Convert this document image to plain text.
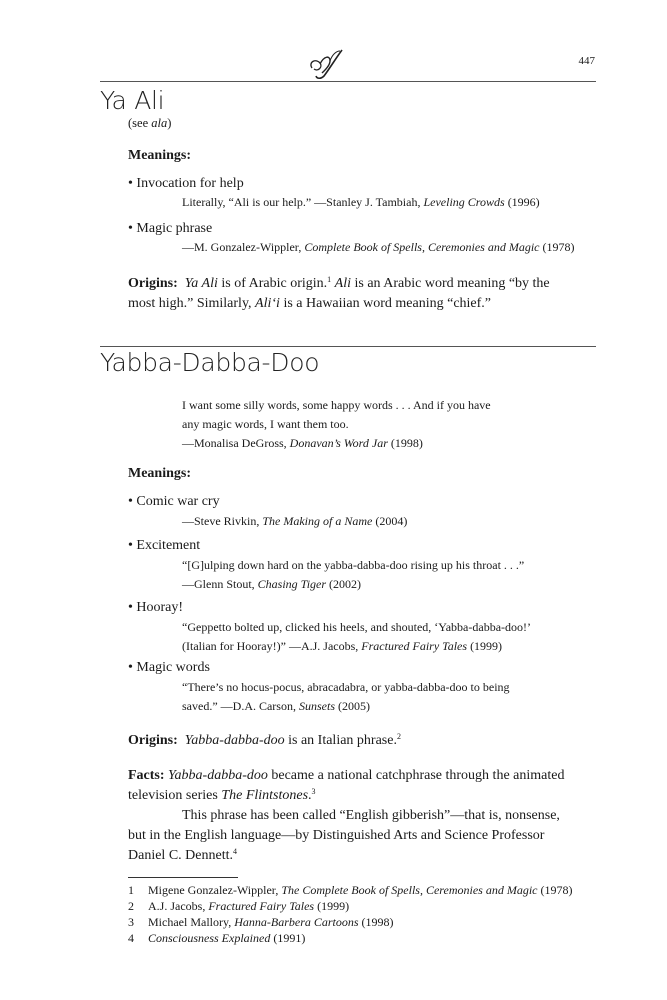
447
Ya Ali
(see ala)
Meanings:
• Invocation for help
Literally, “Ali is our help.” —Stanley J. Tambiah, Leveling Crowds (1996)
• Magic phrase
—M. Gonzalez-Wippler, Complete Book of Spells, Ceremonies and Magic (1978)
Origins: Ya Ali is of Arabic origin.$^1$ Ali is an Arabic word meaning “by the
most high.” Similarly, Ali‘i is a Hawaiian word meaning “chief.”
Yabba-Dabba-Doo
I want some silly words, some happy words . . . And if you have
any magic words, I want them too.
—Monalisa DeGross, Donavan’s Word Jar (1998)
Meanings:
• Comic war cry
—Steve Rivkin, The Making of a Name (2004)
• Excitement
“[G]ulping down hard on the yabba-dabba-doo rising up his throat . . .”
—Glenn Stout, Chasing Tiger (2002)
• Hooray!
“Geppetto bolted up, clicked his heels, and shouted, ‘Yabba-dabba-doo!’
(Italian for Hooray!)” —A.J. Jacobs, Fractured Fairy Tales (1999)
• Magic words
“There’s no hocus-pocus, abracadabra, or yabba-dabba-doo to being
saved.” —D.A. Carson, Sunsets (2005)
Origins: Yabba-dabba-doo is an Italian phrase.$^2$
Facts: Yabba-dabba-doo became a national catchphrase through the animated
television series The Flintstones.$^3$
This phrase has been called “English gibberish”—that is, nonsense,
but in the English language—by Distinguished Arts and Science Professor
Daniel C. Dennett.$^4$
1 Migene Gonzalez-Wippler, The Complete Book of Spells, Ceremonies and Magic (1978)
2 A.J. Jacobs, Fractured Fairy Tales (1999)
3 Michael Mallory, Hanna-Barbera Cartoons (1998)
4 Consciousness Explained (1991)
